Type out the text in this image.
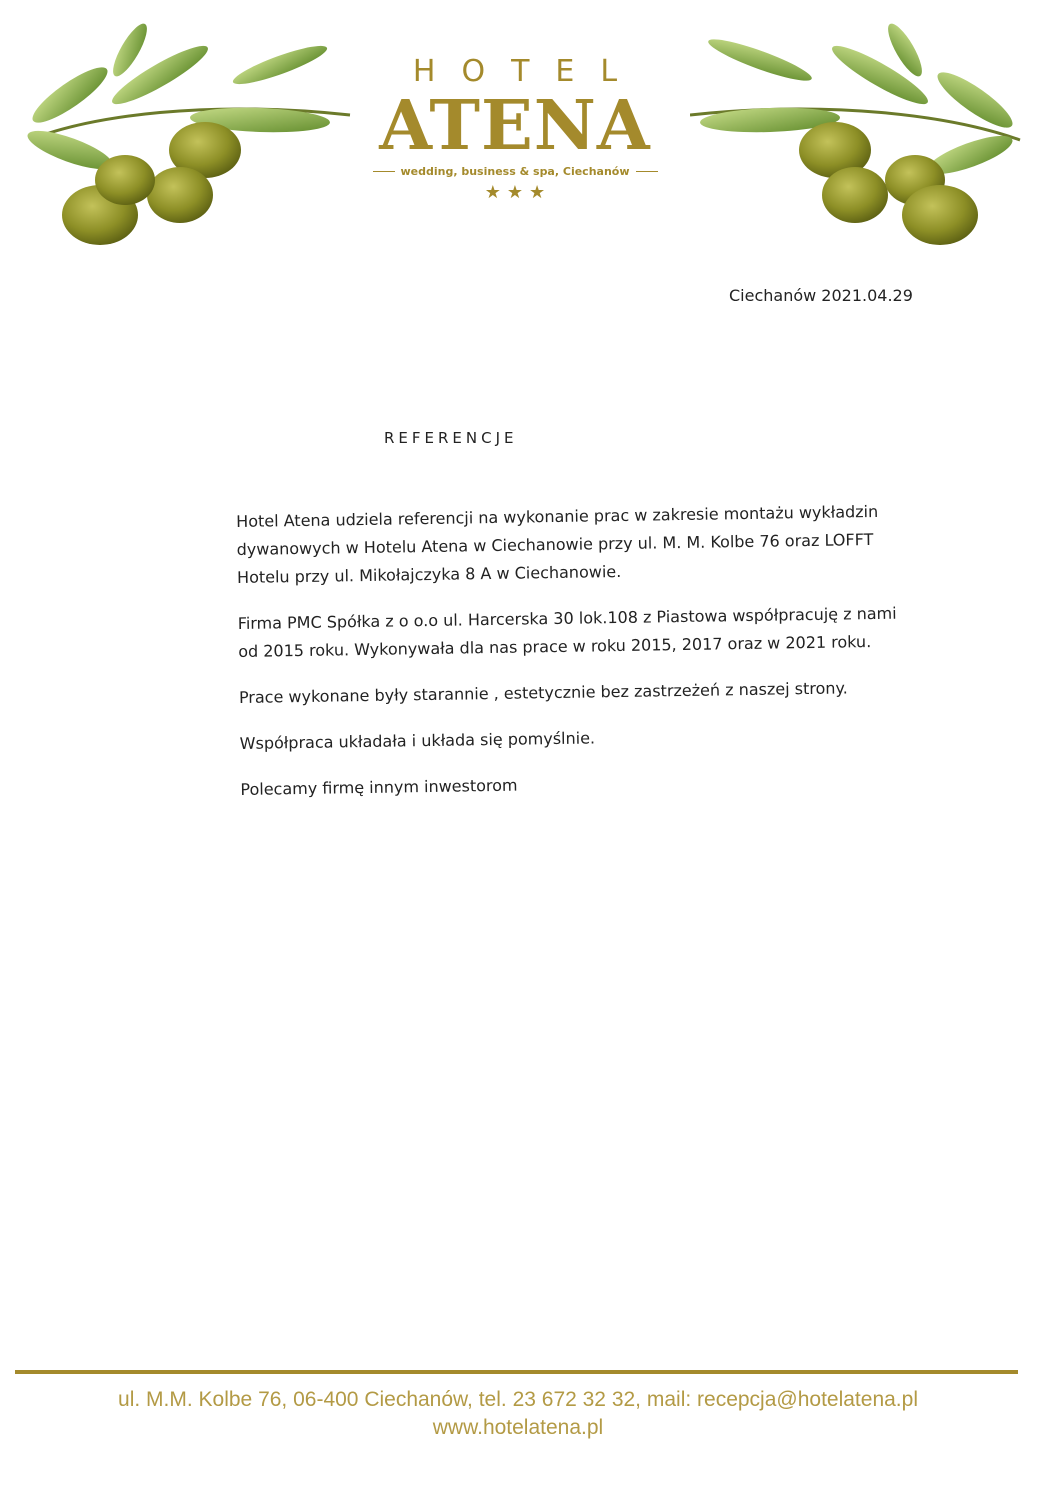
HOTEL
ATENA
wedding, business & spa, Ciechanów
★★★
Ciechanów 2021.04.29
REFERENCJE

Hotel Atena udziela referencji na wykonanie prac w zakresie montażu wykładzin dywanowych w Hotelu Atena w Ciechanowie przy ul. M. M. Kolbe 76 oraz LOFFT Hotelu przy ul. Mikołajczyka 8 A w Ciechanowie.

Firma PMC Spółka z o o.o ul. Harcerska 30 lok.108 z Piastowa współpracuję z nami od 2015 roku. Wykonywała dla nas prace w roku 2015, 2017 oraz w 2021 roku.

Prace wykonane były starannie , estetycznie bez zastrzeżeń z naszej strony.

Współpraca układała i układa się pomyślnie.

Polecamy firmę innym inwestorom

ul. M.M. Kolbe 76, 06-400 Ciechanów, tel. 23 672 32 32, mail: recepcja@hotelatena.pl
www.hotelatena.pl
